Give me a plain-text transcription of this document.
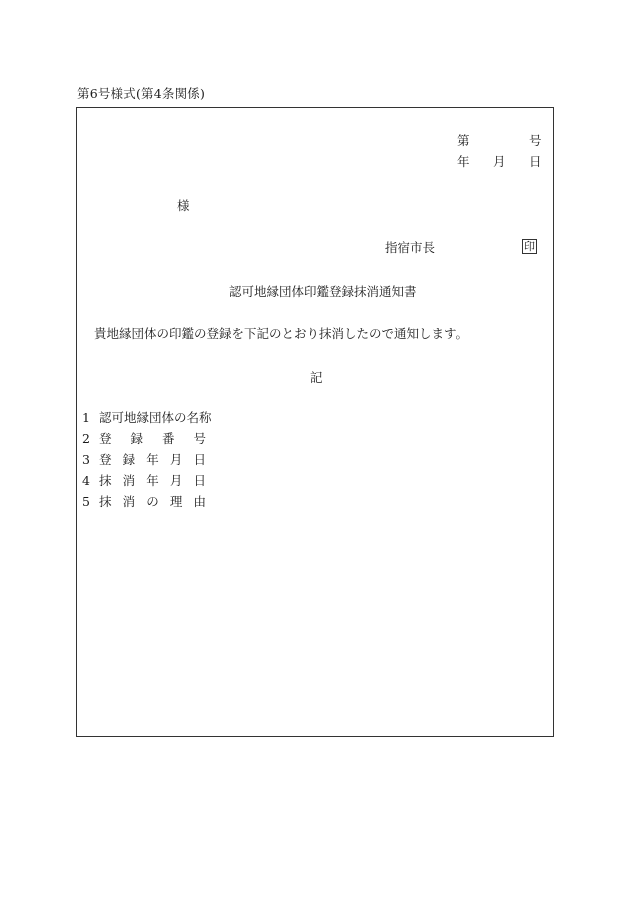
第6号様式(第4条関係)
第	号
年 月 日
様
指宿市長	印
認可地縁団体印鑑登録抹消通知書
貴地縁団体の印鑑の登録を下記のとおり抹消したので通知します。
記
1 認可地縁団体の名称
2 登 録 番 号
3 登 録 年 月 日
4 抹 消 年 月 日
5 抹 消 の 理 由
